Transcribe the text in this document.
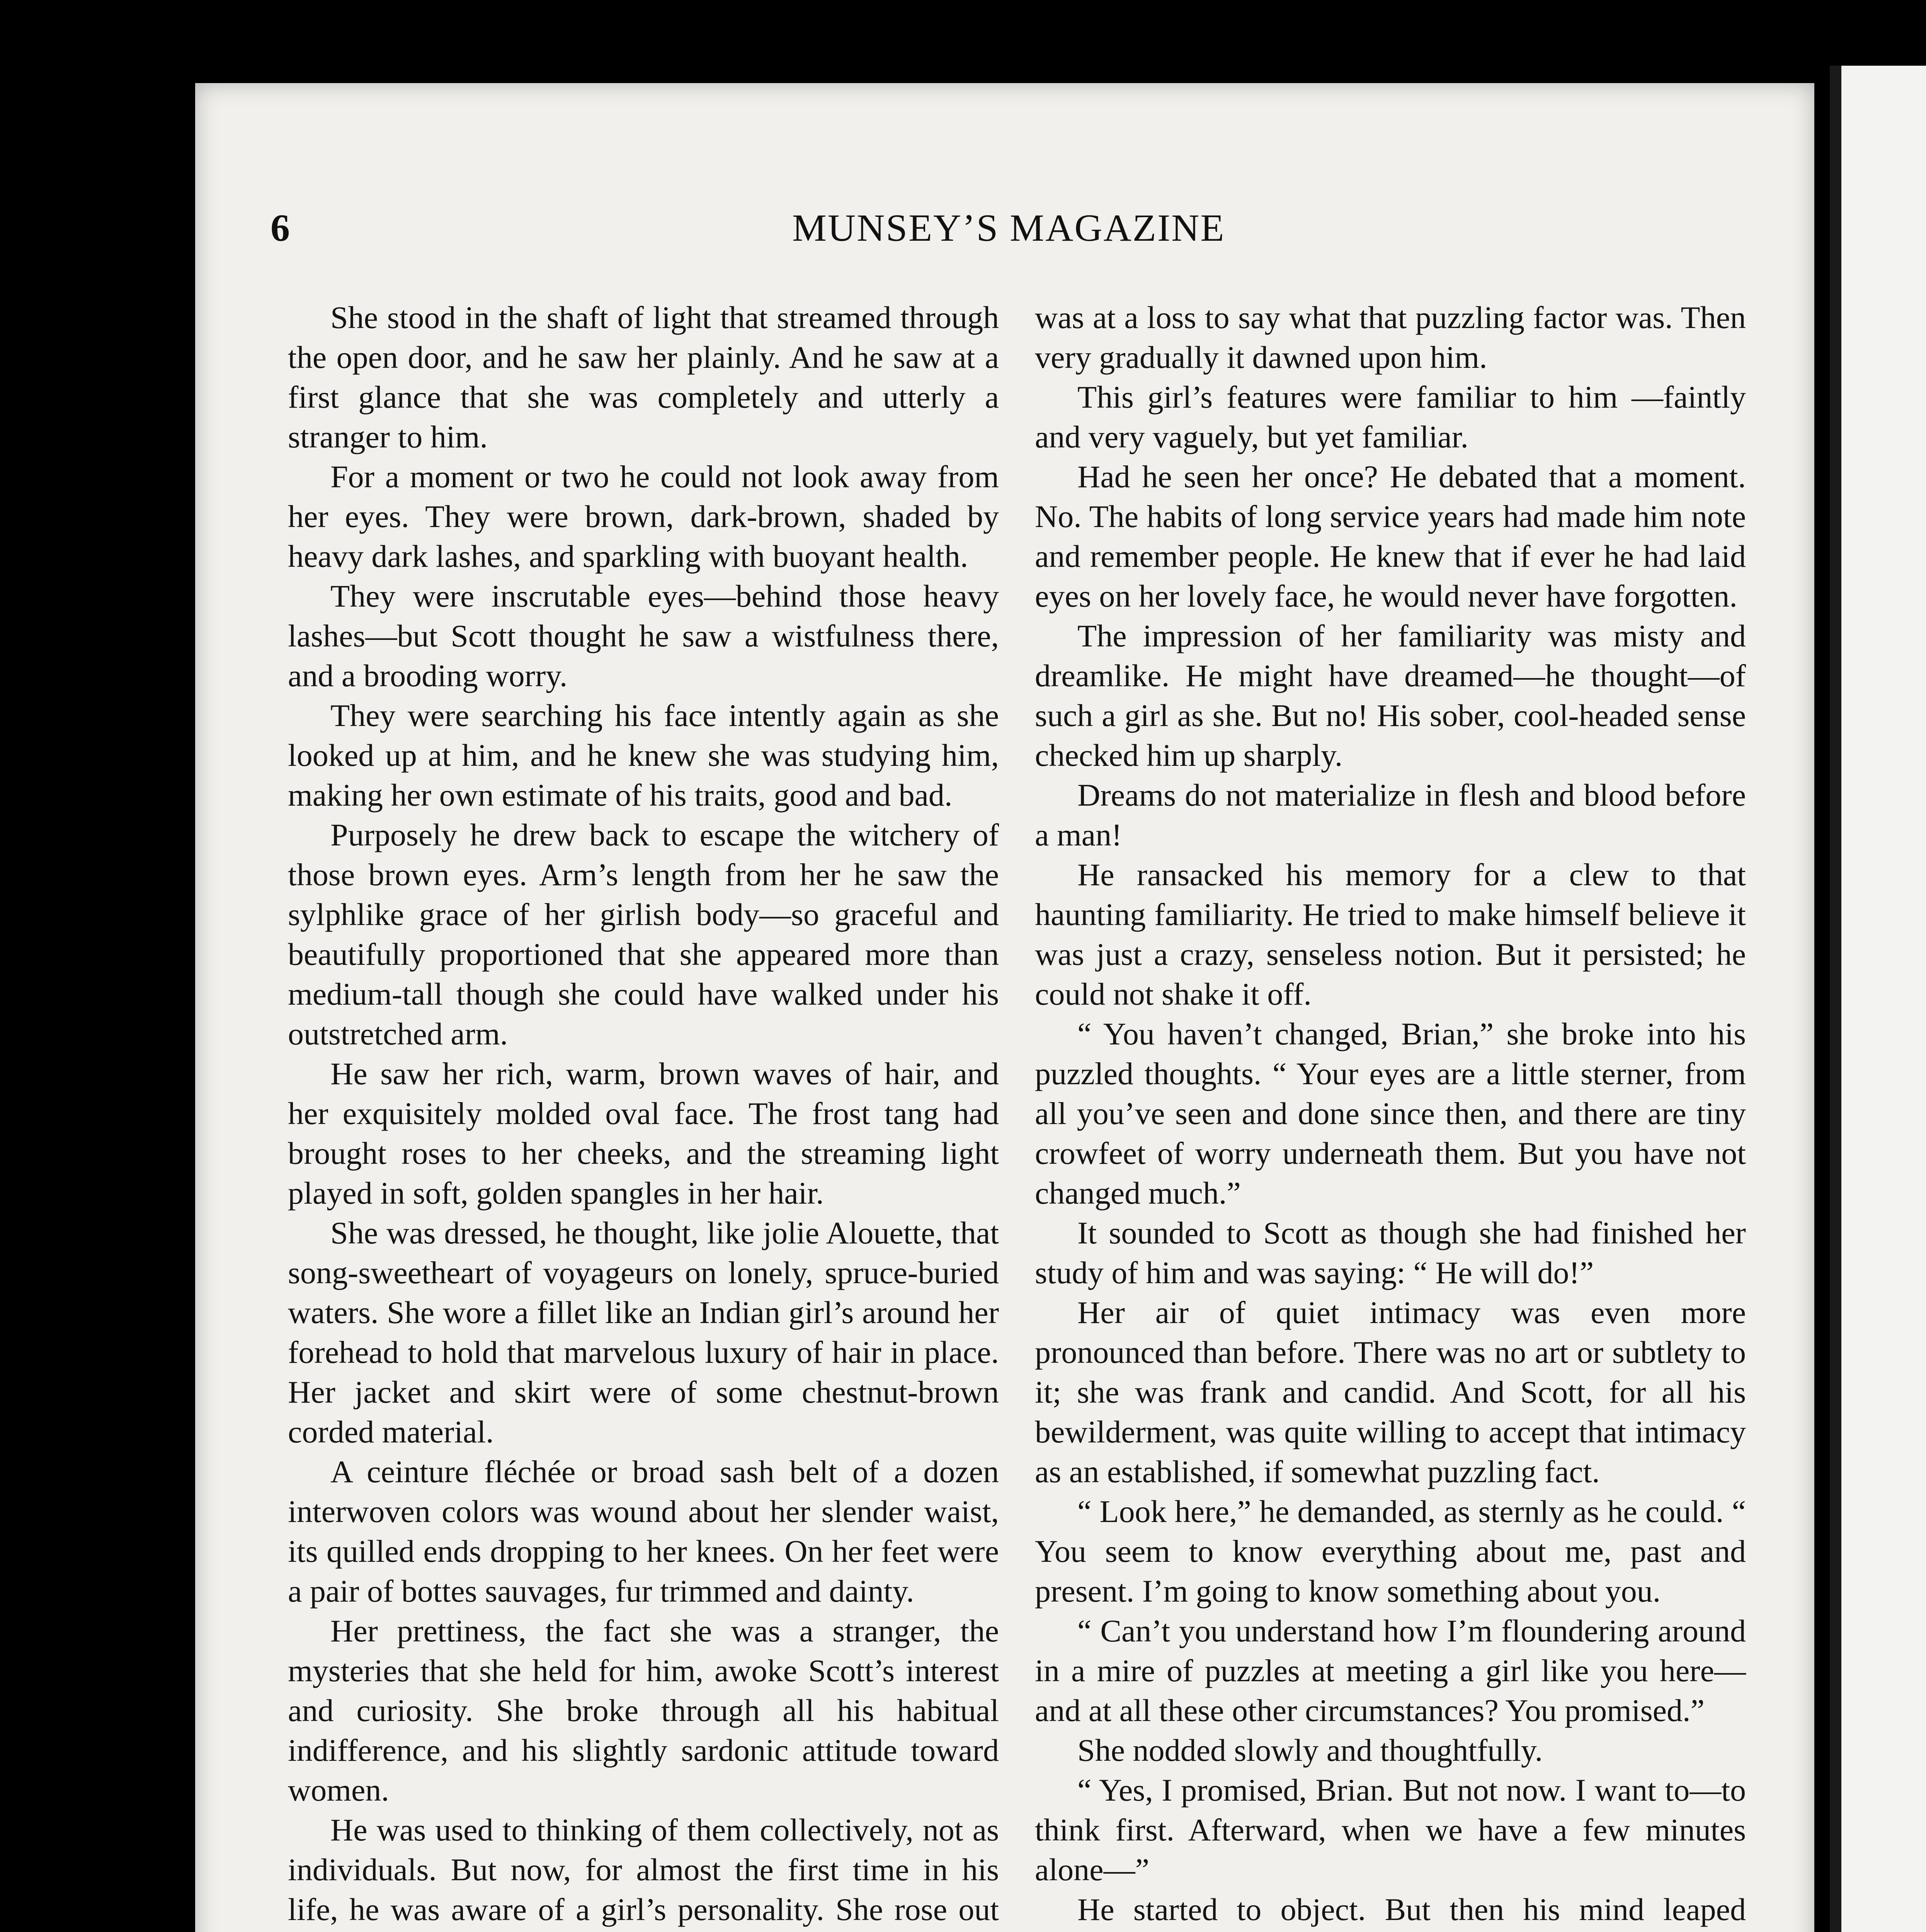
6	MUNSEY’S MAGAZINE

She stood in the shaft of light that streamed through the open door, and he saw her plainly. And he saw at a first glance that she was completely and utterly a stranger to him.

For a moment or two he could not look away from her eyes. They were brown, dark-brown, shaded by heavy dark lashes, and sparkling with buoyant health.

They were inscrutable eyes—behind those heavy lashes—but Scott thought he saw a wistfulness there, and a brooding worry.

They were searching his face intently again as she looked up at him, and he knew she was studying him, making her own estimate of his traits, good and bad.

Purposely he drew back to escape the witchery of those brown eyes. Arm’s length from her he saw the sylphlike grace of her girlish body—so graceful and beautifully proportioned that she appeared more than medium-tall though she could have walked under his outstretched arm.

He saw her rich, warm, brown waves of hair, and her exquisitely molded oval face. The frost tang had brought roses to her cheeks, and the streaming light played in soft, golden spangles in her hair.

She was dressed, he thought, like jolie Alouette, that song-sweetheart of voyageurs on lonely, spruce-buried waters. She wore a fillet like an Indian girl’s around her forehead to hold that marvelous luxury of hair in place. Her jacket and skirt were of some chestnut-brown corded material.

A ceinture fléchée or broad sash belt of a dozen interwoven colors was wound about her slender waist, its quilled ends dropping to her knees. On her feet were a pair of bottes sauvages, fur trimmed and dainty.

Her prettiness, the fact she was a stranger, the mysteries that she held for him, awoke Scott’s interest and curiosity. She broke through all his habitual indifference, and his slightly sardonic attitude toward women.

He was used to thinking of them collectively, not as individuals. But now, for almost the first time in his life, he was aware of a girl’s personality. She rose out

was at a loss to say what that puzzling factor was. Then very gradually it dawned upon him.

This girl’s features were familiar to him —faintly and very vaguely, but yet familiar.

Had he seen her once? He debated that a moment. No. The habits of long service years had made him note and remember people. He knew that if ever he had laid eyes on her lovely face, he would never have forgotten.

The impression of her familiarity was misty and dreamlike. He might have dreamed—he thought—of such a girl as she. But no! His sober, cool-headed sense checked him up sharply.

Dreams do not materialize in flesh and blood before a man!

He ransacked his memory for a clew to that haunting familiarity. He tried to make himself believe it was just a crazy, senseless notion. But it persisted; he could not shake it off.

“ You haven’t changed, Brian,” she broke into his puzzled thoughts. “ Your eyes are a little sterner, from all you’ve seen and done since then, and there are tiny crowfeet of worry underneath them. But you have not changed much.”

It sounded to Scott as though she had finished her study of him and was saying: “ He will do!”

Her air of quiet intimacy was even more pronounced than before. There was no art or subtlety to it; she was frank and candid. And Scott, for all his bewilderment, was quite willing to accept that intimacy as an established, if somewhat puzzling fact.

“ Look here,” he demanded, as sternly as he could. “ You seem to know everything about me, past and present. I’m going to know something about you.

“ Can’t you understand how I’m floundering around in a mire of puzzles at meeting a girl like you here—and at all these other circumstances? You promised.”

She nodded slowly and thoughtfully.

“ Yes, I promised, Brian. But not now. I want to—to think first. Afterward, when we have a few minutes alone—”

He started to object. But then his mind leaped
